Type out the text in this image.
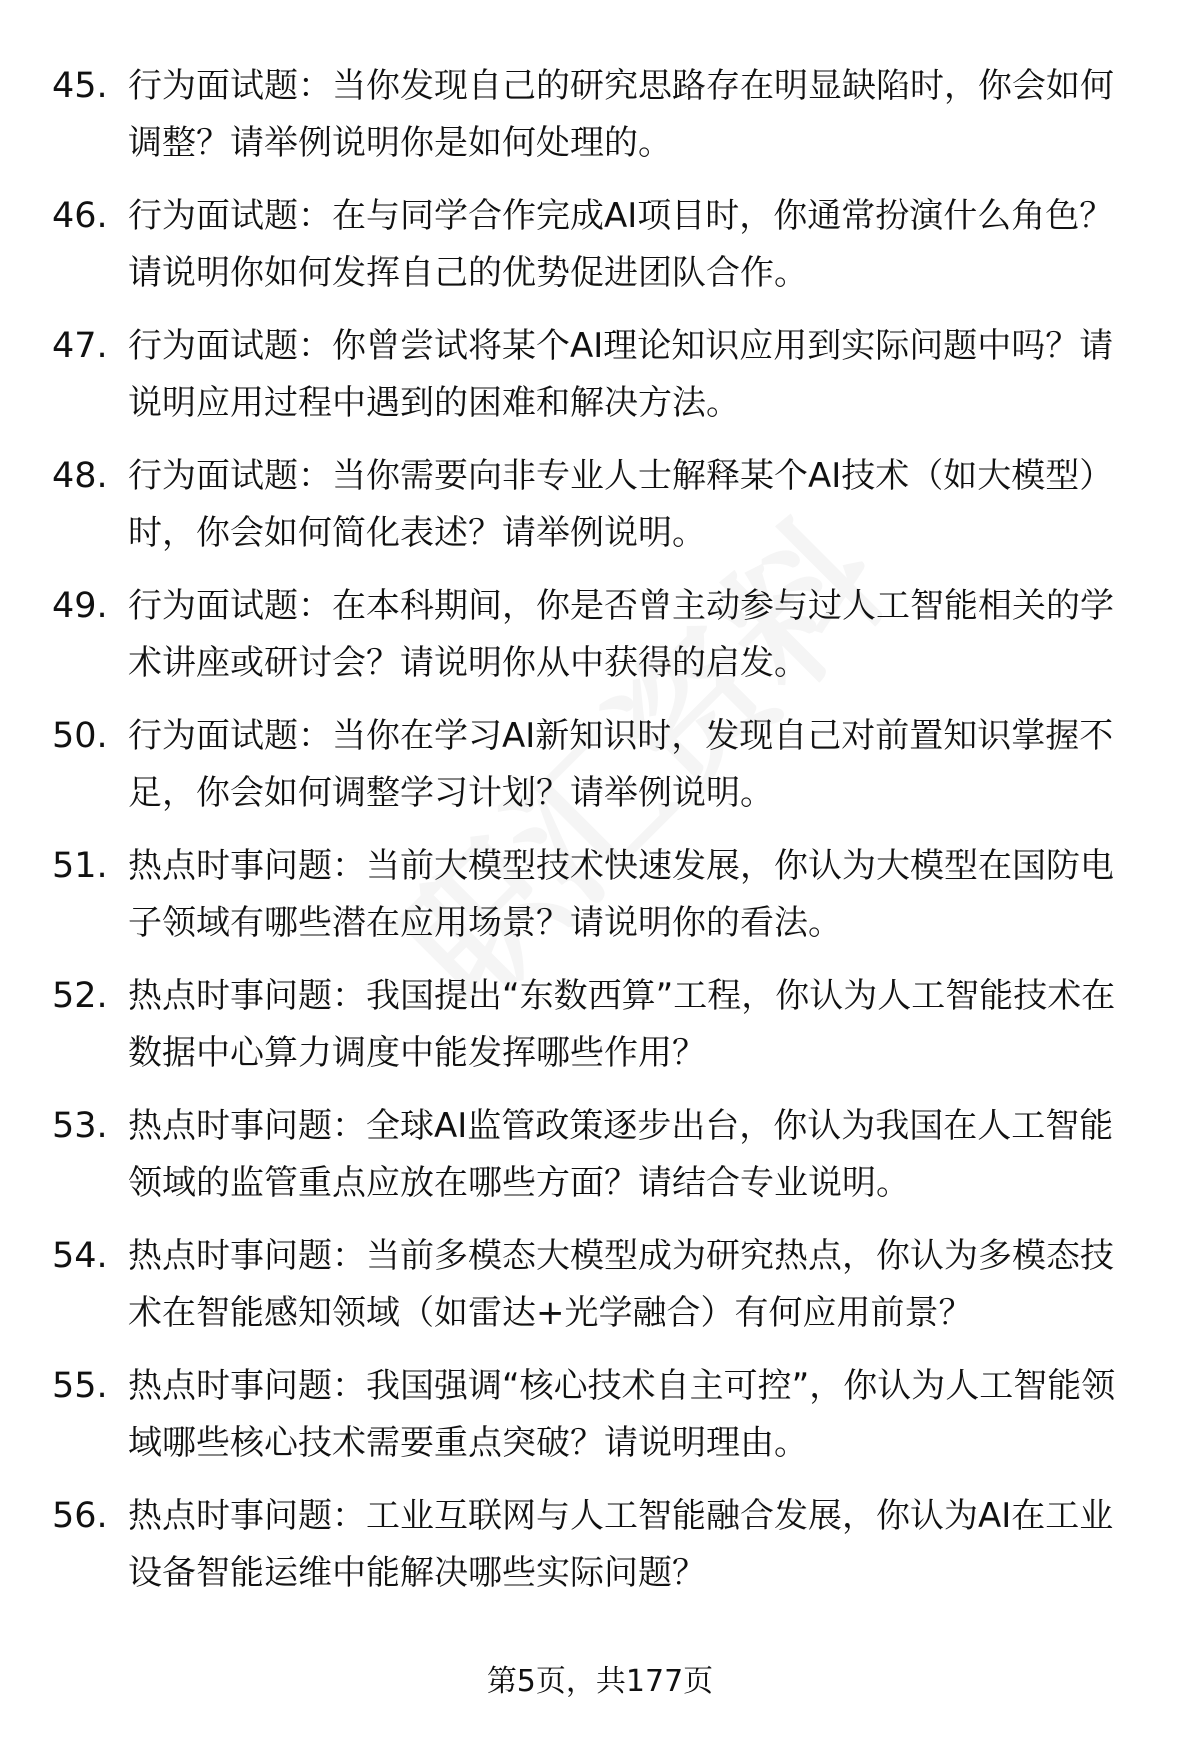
45. 行为面试题：当你发现自己的研究思路存在明显缺陷时，你会如何调整？请举例说明你是如何处理的。
46. 行为面试题：在与同学合作完成AI项目时，你通常扮演什么角色？请说明你如何发挥自己的优势促进团队合作。
47. 行为面试题：你曾尝试将某个AI理论知识应用到实际问题中吗？请说明应用过程中遇到的困难和解决方法。
48. 行为面试题：当你需要向非专业人士解释某个AI技术（如大模型）时，你会如何简化表述？请举例说明。
49. 行为面试题：在本科期间，你是否曾主动参与过人工智能相关的学术讲座或研讨会？请说明你从中获得的启发。
50. 行为面试题：当你在学习AI新知识时，发现自己对前置知识掌握不足，你会如何调整学习计划？请举例说明。
51. 热点时事问题：当前大模型技术快速发展，你认为大模型在国防电子领域有哪些潜在应用场景？请说明你的看法。
52. 热点时事问题：我国提出“东数西算”工程，你认为人工智能技术在数据中心算力调度中能发挥哪些作用？
53. 热点时事问题：全球AI监管政策逐步出台，你认为我国在人工智能领域的监管重点应放在哪些方面？请结合专业说明。
54. 热点时事问题：当前多模态大模型成为研究热点，你认为多模态技术在智能感知领域（如雷达+光学融合）有何应用前景？
55. 热点时事问题：我国强调“核心技术自主可控”，你认为人工智能领域哪些核心技术需要重点突破？请说明理由。
56. 热点时事问题：工业互联网与人工智能融合发展，你认为AI在工业设备智能运维中能解决哪些实际问题？
第5页，共177页
